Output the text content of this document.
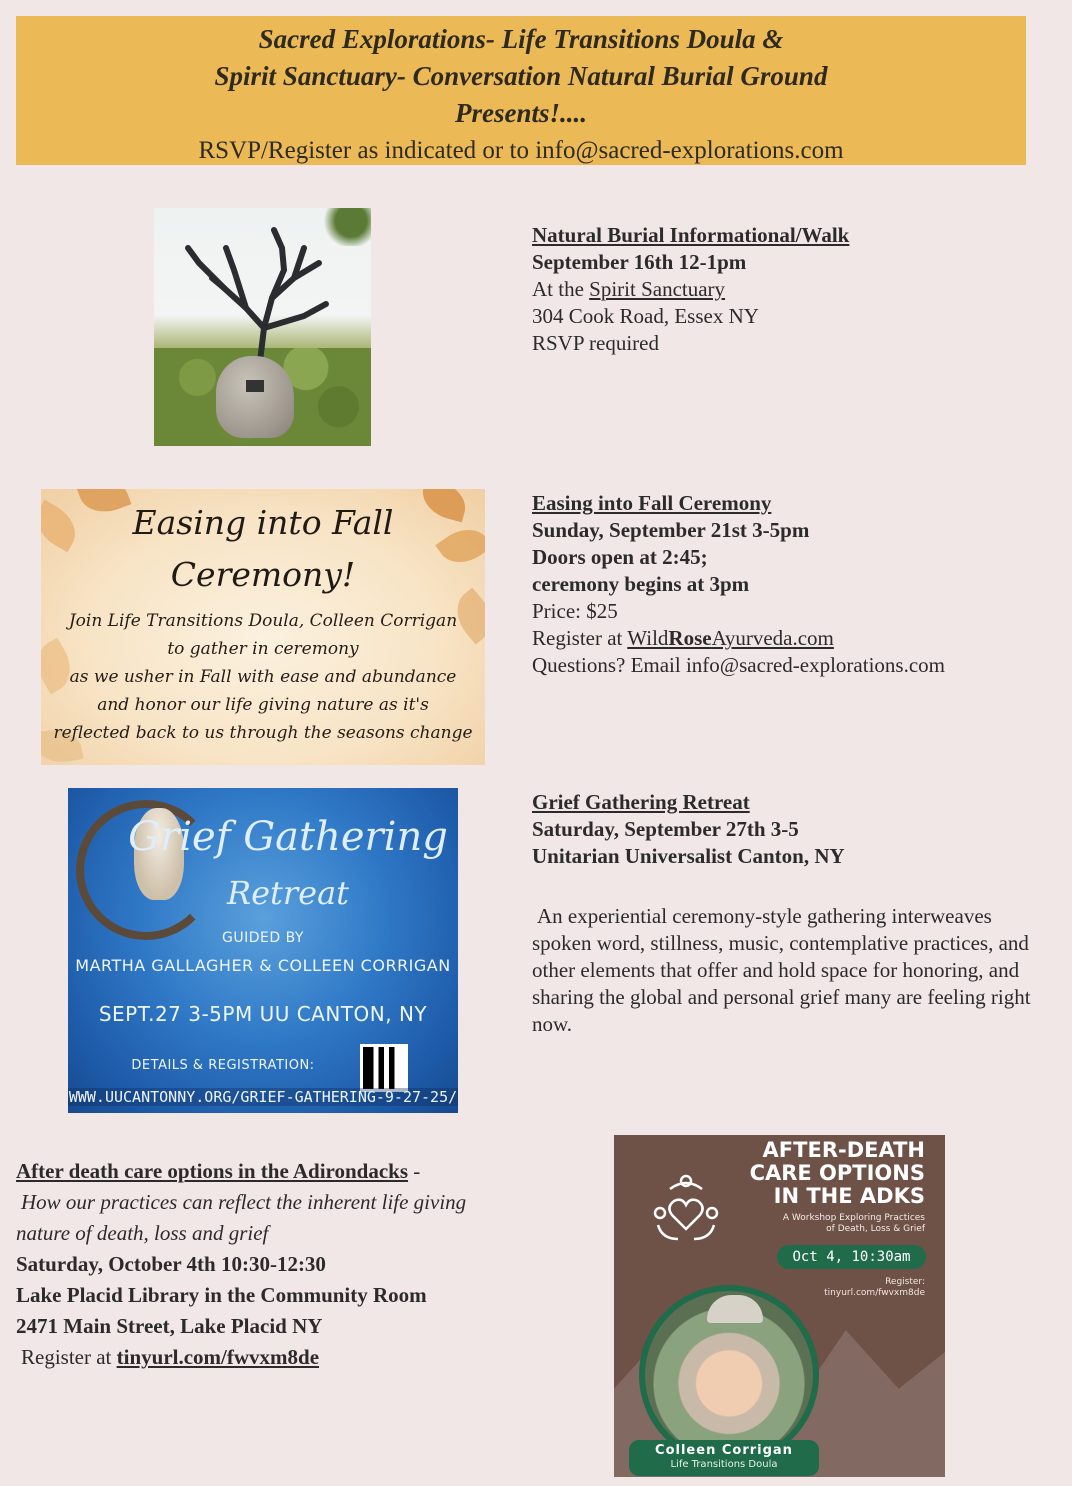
Sacred Explorations- Life Transitions Doula &
Spirit Sanctuary- Conversation Natural Burial Ground
Presents!....
RSVP/Register as indicated or to info@sacred-explorations.com
Natural Burial Informational/Walk
September 16th 12-1pm
At the Spirit Sanctuary
304 Cook Road, Essex NY
RSVP required
Easing into Fall
Ceremony!
Join Life Transitions Doula, Colleen Corrigan
to gather in ceremony
as we usher in Fall with ease and abundance
and honor our life giving nature as it's
reflected back to us through the seasons change
Easing into Fall Ceremony
Sunday, September 21st 3-5pm
Doors open at 2:45;
ceremony begins at 3pm
Price: $25
Register at WildRoseAyurveda.com
Questions? Email info@sacred-explorations.com
Grief Gathering
Retreat
GUIDED BY
MARTHA GALLAGHER & COLLEEN CORRIGAN
SEPT.27 3-5PM UU CANTON, NY
DETAILS & REGISTRATION:
WWW.UUCANTONNY.ORG/GRIEF-GATHERING-9-27-25/
Grief Gathering Retreat
Saturday, September 27th 3-5
Unitarian Universalist Canton, NY
An experiential ceremony-style gathering interweaves spoken word, stillness, music, contemplative practices, and other elements that offer and hold space for honoring, and sharing the global and personal grief many are feeling right now.
After death care options in the Adirondacks -
How our practices can reflect the inherent life giving
nature of death, loss and grief
Saturday, October 4th 10:30-12:30
Lake Placid Library in the Community Room
2471 Main Street, Lake Placid NY
Register at tinyurl.com/fwvxm8de
AFTER-DEATH
CARE OPTIONS
IN THE ADKS
A Workshop Exploring Practices
of Death, Loss & Grief
Oct 4, 10:30am
Register:
tinyurl.com/fwvxm8de
Colleen Corrigan
Life Transitions Doula
